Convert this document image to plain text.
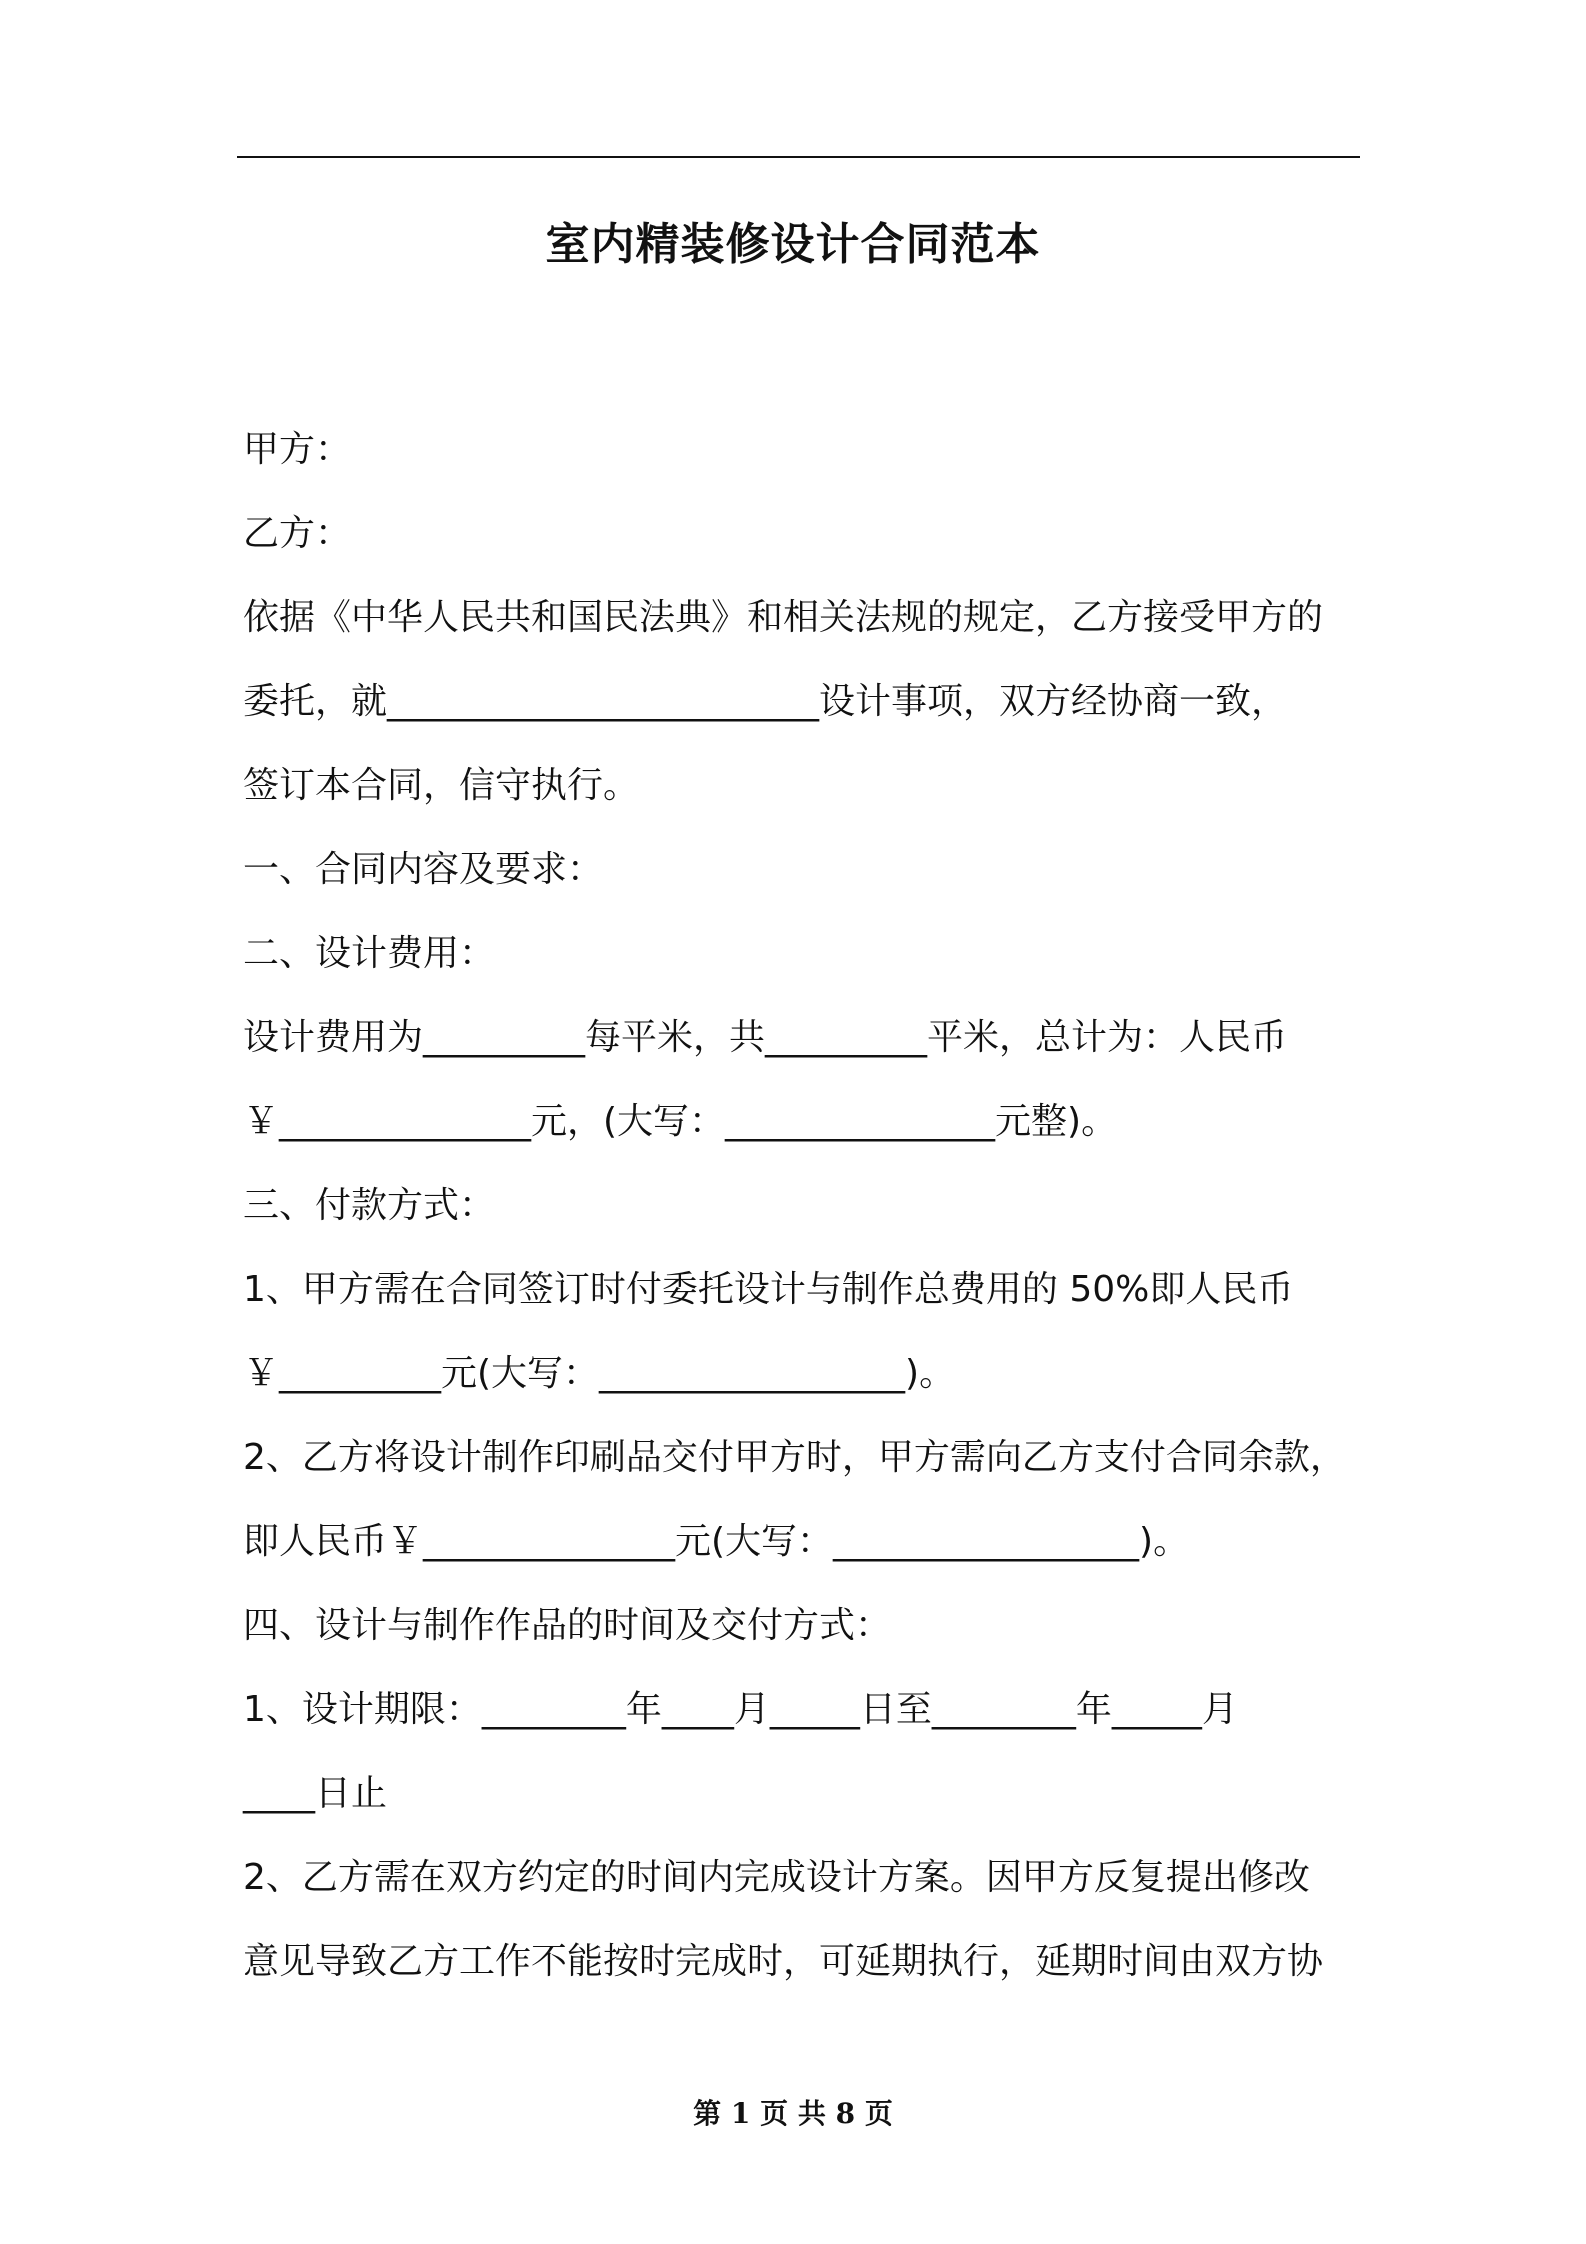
室内精装修设计合同范本
甲方：
乙方：
依据《中华人民共和国民法典》和相关法规的规定，乙方接受甲方的
委托，就________________________设计事项，双方经协商一致，
签订本合同，信守执行。
一、合同内容及要求：
二、设计费用：
设计费用为_________每平米，共_________平米，总计为：人民币
￥______________元，(大写：_______________元整)。
三、付款方式：
1、甲方需在合同签订时付委托设计与制作总费用的 50%即人民币
￥_________元(大写：_________________)。
2、乙方将设计制作印刷品交付甲方时，甲方需向乙方支付合同余款，
即人民币￥______________元(大写：_________________)。
四、设计与制作作品的时间及交付方式：
1、设计期限：________年____月_____日至________年_____月
____日止
2、乙方需在双方约定的时间内完成设计方案。因甲方反复提出修改
意见导致乙方工作不能按时完成时，可延期执行，延期时间由双方协
第 1 页 共 8 页
